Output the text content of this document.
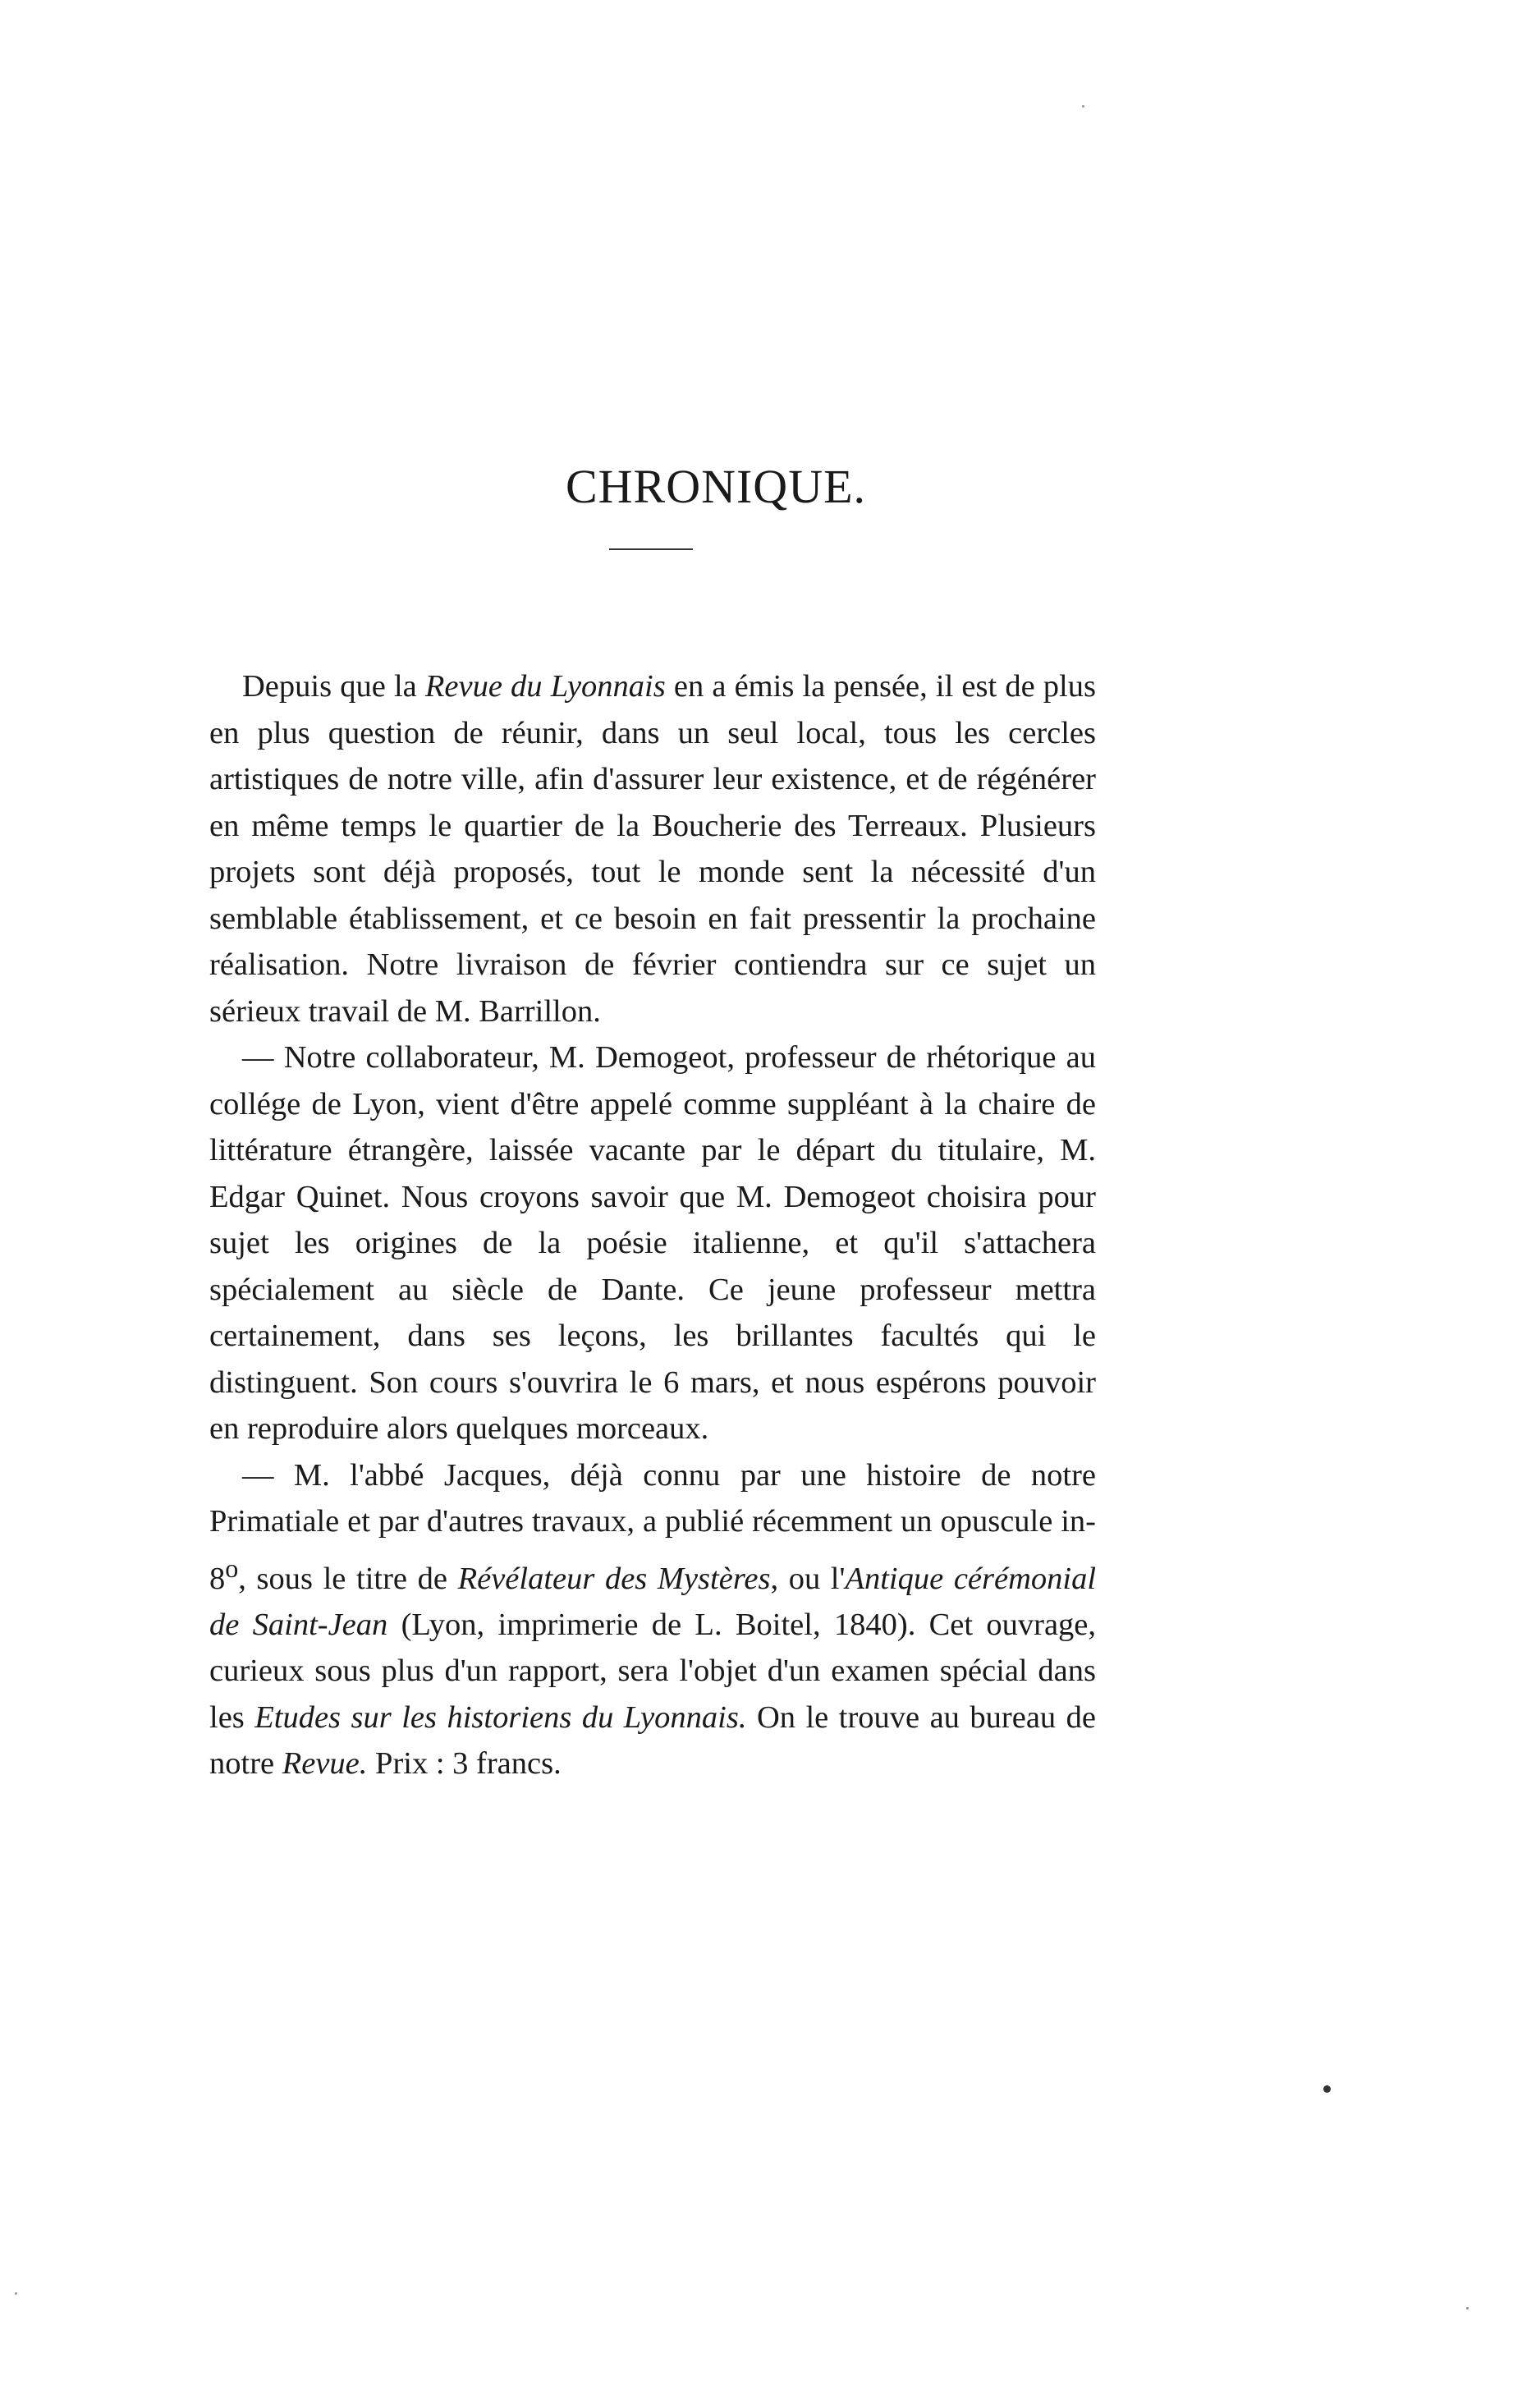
CHRONIQUE.

Depuis que la Revue du Lyonnais en a émis la pensée, il est de plus en plus question de réunir, dans un seul local, tous les cercles artistiques de notre ville, afin d'assurer leur existence, et de régénérer en même temps le quartier de la Boucherie des Terreaux. Plusieurs projets sont déjà proposés, tout le monde sent la nécessité d'un semblable établissement, et ce besoin en fait pressentir la prochaine réalisation. Notre livraison de février contiendra sur ce sujet un sérieux travail de M. Barrillon.

— Notre collaborateur, M. Demogeot, professeur de rhétorique au collége de Lyon, vient d'être appelé comme suppléant à la chaire de littérature étrangère, laissée vacante par le départ du titulaire, M. Edgar Quinet. Nous croyons savoir que M. Demogeot choisira pour sujet les origines de la poésie italienne, et qu'il s'attachera spécialement au siècle de Dante. Ce jeune professeur mettra certainement, dans ses leçons, les brillantes facultés qui le distinguent. Son cours s'ouvrira le 6 mars, et nous espérons pouvoir en reproduire alors quelques morceaux.

— M. l'abbé Jacques, déjà connu par une histoire de notre Primatiale et par d'autres travaux, a publié récemment un opuscule in-8$^o$, sous le titre de Révélateur des Mystères, ou l'Antique cérémonial de Saint-Jean (Lyon, imprimerie de L. Boitel, 1840). Cet ouvrage, curieux sous plus d'un rapport, sera l'objet d'un examen spécial dans les Etudes sur les historiens du Lyonnais. On le trouve au bureau de notre Revue. Prix : 3 francs.
